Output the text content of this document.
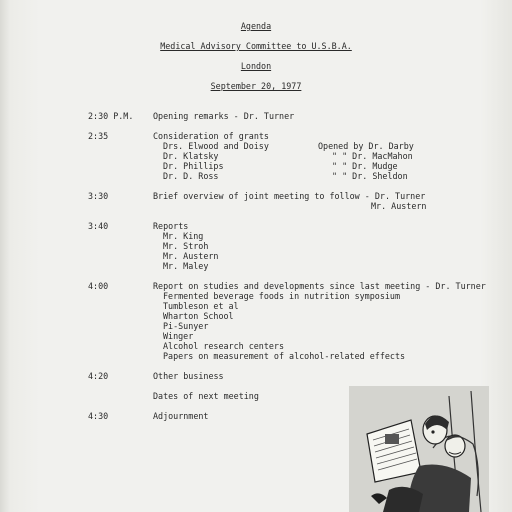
Agenda
Medical Advisory Committee to U.S.B.A.
London
September 20, 1977
2:30 P.M. Opening remarks - Dr. Turner
2:35	Consideration of grants
Drs. Elwood and Doisy	Opened by Dr. Darby
Dr. Klatsky	" " Dr. MacMahon
Dr. Phillips	" " Dr. Mudge
Dr. D. Ross	" " Dr. Sheldon
3:30	Brief overview of joint meeting to follow - Dr. Turner
Mr. Austern
3:40	Reports
Mr. King
Mr. Stroh
Mr. Austern
Mr. Maley
4:00	Report on studies and developments since last meeting - Dr. Turner
Fermented beverage foods in nutrition symposium
Tumbleson et al
Wharton School
Pi-Sunyer
Winger
Alcohol research centers
Papers on measurement of alcohol-related effects
4:20	Other business
Dates of next meeting
4:30	Adjournment
